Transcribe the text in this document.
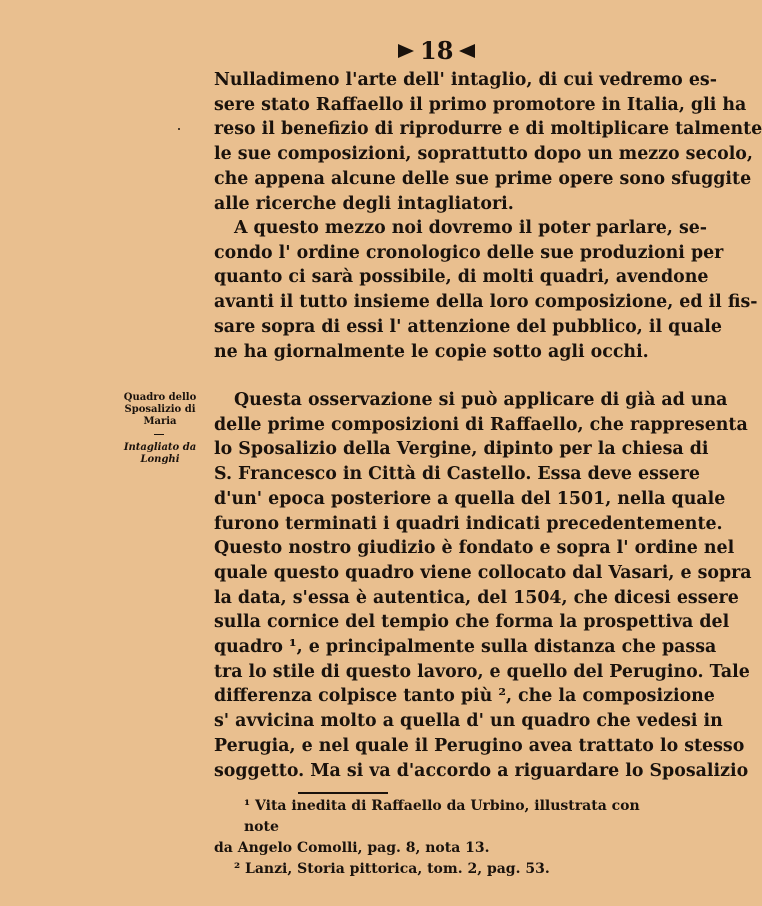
18
Nulladimeno l'arte dell' intaglio, di cui vedremo es-
sere stato Raffaello il primo promotore in Italia, gli ha
reso il benefizio di riprodurre e di moltiplicare talmente
le sue composizioni, soprattutto dopo un mezzo secolo,
che appena alcune delle sue prime opere sono sfuggite
alle ricerche degli intagliatori.
A questo mezzo noi dovremo il poter parlare, se-
condo l' ordine cronologico delle sue produzioni per
quanto ci sarà possibile, di molti quadri, avendone
avanti il tutto insieme della loro composizione, ed il fis-
sare sopra di essi l' attenzione del pubblico, il quale
ne ha giornalmente le copie sotto agli occhi.
Quadro dello
Sposalizio di
Maria
Intagliato da
Longhi
Questa osservazione si può applicare di già ad una
delle prime composizioni di Raffaello, che rappresenta
lo Sposalizio della Vergine, dipinto per la chiesa di
S. Francesco in Città di Castello. Essa deve essere
d'un' epoca posteriore a quella del 1501, nella quale
furono terminati i quadri indicati precedentemente.
Questo nostro giudizio è fondato e sopra l' ordine nel
quale questo quadro viene collocato dal Vasari, e sopra
la data, s'essa è autentica, del 1504, che dicesi essere
sulla cornice del tempio che forma la prospettiva del
quadro ¹, e principalmente sulla distanza che passa
tra lo stile di questo lavoro, e quello del Perugino. Tale
differenza colpisce tanto più ², che la composizione
s' avvicina molto a quella d' un quadro che vedesi in
Perugia, e nel quale il Perugino avea trattato lo stesso
soggetto. Ma si va d'accordo a riguardare lo Sposalizio
¹ Vita inedita di Raffaello da Urbino, illustrata con note
da Angelo Comolli, pag. 8, nota 13.
² Lanzi, Storia pittorica, tom. 2, pag. 53.
